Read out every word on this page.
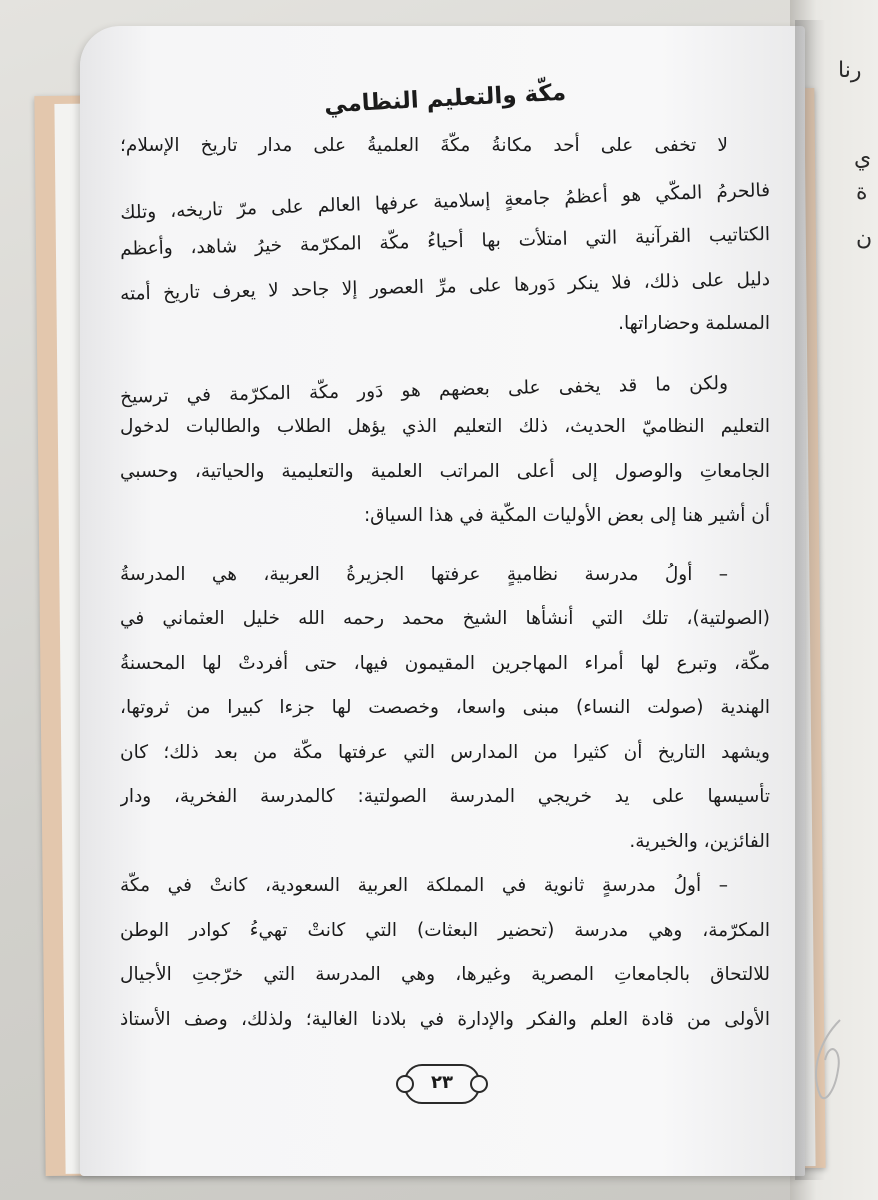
رنا
ي
ة
ن
مكّة والتعليم النظامي
لا تخفى على أحد مكانةُ مكّةَ العلميةُ على مدار تاريخ الإسلام؛
فالحرمُ المكّي هو أعظمُ جامعةٍ إسلامية عرفها العالم على مرّ تاريخه، وتلك
الكتاتيب القرآنية التي امتلأت بها أحياءُ مكّة المكرّمة خيرُ شاهد، وأعظم
دليل على ذلك، فلا ينكر دَورها على مرِّ العصور إلا جاحد لا يعرف تاريخ أمته
المسلمة وحضاراتها.
ولكن ما قد يخفى على بعضهم هو دَور مكّة المكرّمة في ترسيخ
التعليم النظاميّ الحديث، ذلك التعليم الذي يؤهل الطلاب والطالبات لدخول
الجامعاتِ والوصول إلى أعلى المراتب العلمية والتعليمية والحياتية، وحسبي
أن أشير هنا إلى بعض الأوليات المكّية في هذا السياق:
– أولُ مدرسة نظاميةٍ عرفتها الجزيرةُ العربية، هي المدرسةُ
(الصولتية)، تلك التي أنشأها الشيخ محمد رحمه الله خليل العثماني في
مكّة، وتبرع لها أمراء المهاجرين المقيمون فيها، حتى أفردتْ لها المحسنةُ
الهندية (صولت النساء) مبنى واسعا، وخصصت لها جزءا كبيرا من ثروتها،
ويشهد التاريخ أن كثيرا من المدارس التي عرفتها مكّة من بعد ذلك؛ كان
تأسيسها على يد خريجي المدرسة الصولتية: كالمدرسة الفخرية، ودار
الفائزين، والخيرية.
– أولُ مدرسةٍ ثانوية في المملكة العربية السعودية، كانتْ في مكّة
المكرّمة، وهي مدرسة (تحضير البعثات) التي كانتْ تهيءُ كوادر الوطن
للالتحاق بالجامعاتِ المصرية وغيرها، وهي المدرسة التي خرّجتِ الأجيال
الأولى من قادة العلم والفكر والإدارة في بلادنا الغالية؛ ولذلك، وصف الأستاذ
٢٣
